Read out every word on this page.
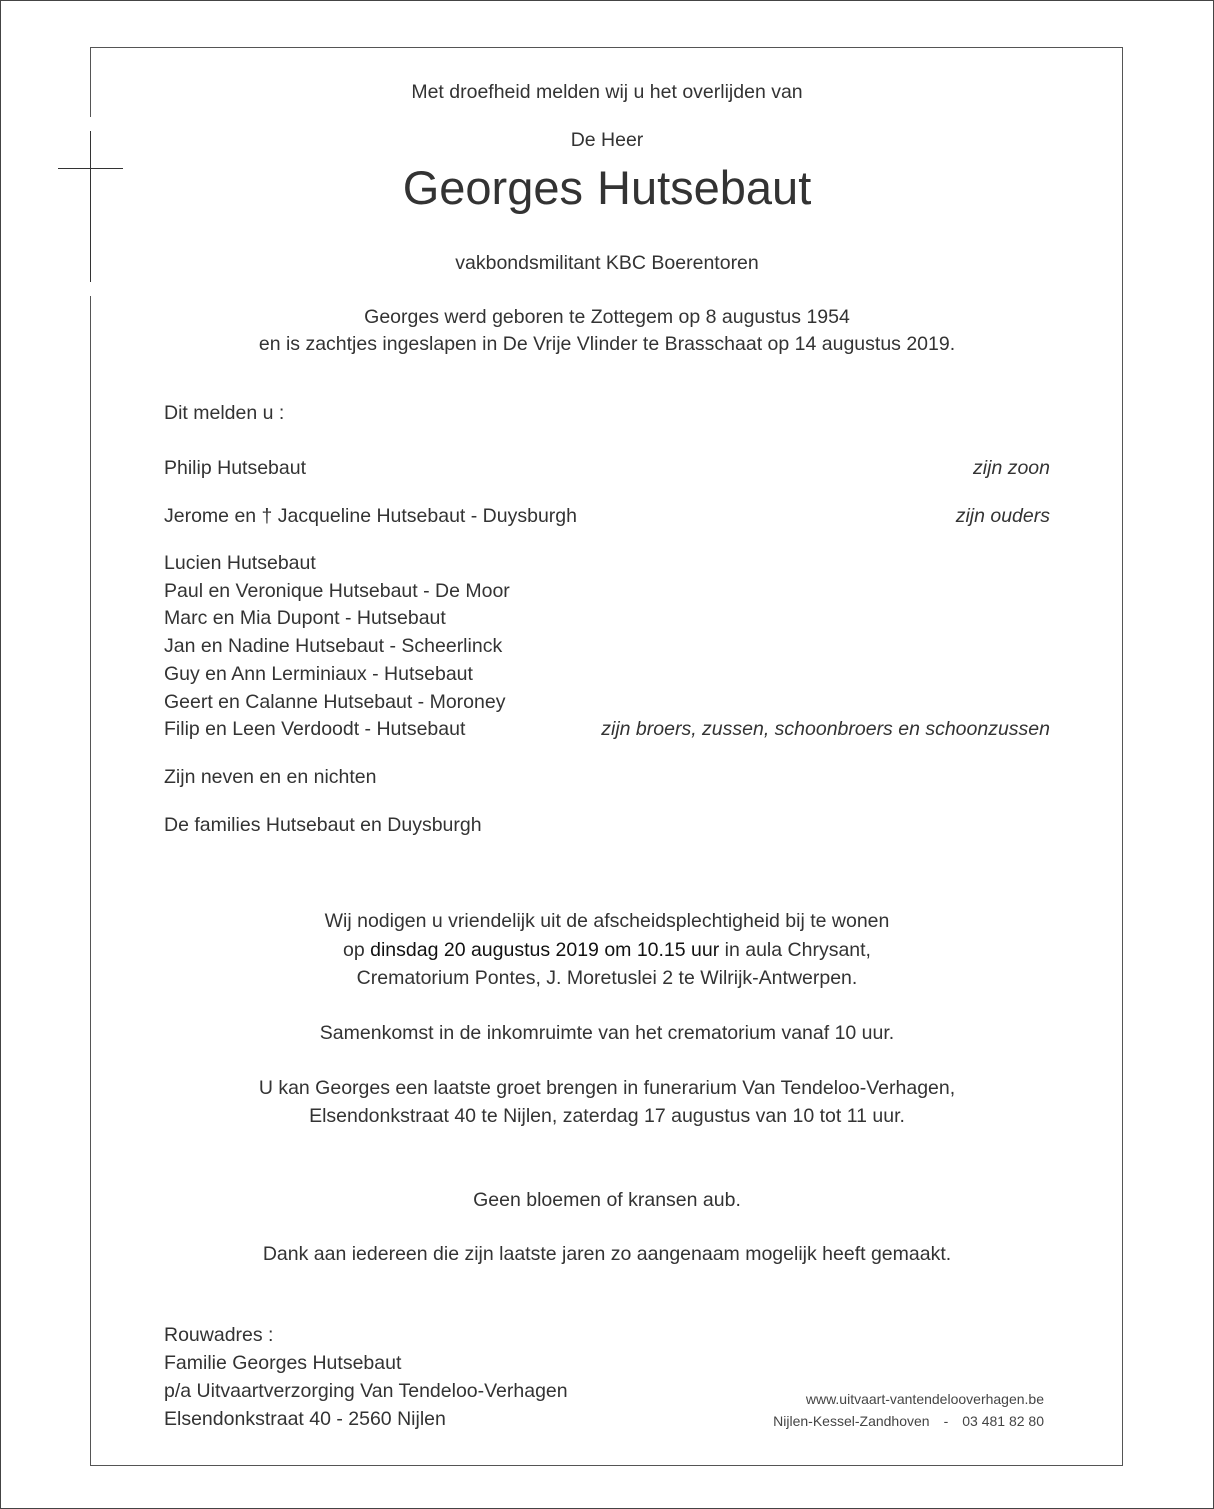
Met droefheid melden wij u het overlijden van
De Heer
Georges Hutsebaut
vakbondsmilitant KBC Boerentoren
Georges werd geboren te Zottegem op 8 augustus 1954
en is zachtjes ingeslapen in De Vrije Vlinder te Brasschaat op 14 augustus 2019.
Dit melden u :
Philip Hutsebaut	zijn zoon
Jerome en † Jacqueline Hutsebaut - Duysburgh	zijn ouders
Lucien Hutsebaut
Paul en Veronique Hutsebaut - De Moor
Marc en Mia Dupont - Hutsebaut
Jan en Nadine Hutsebaut - Scheerlinck
Guy en Ann Lerminiaux - Hutsebaut
Geert en Calanne Hutsebaut - Moroney
Filip en Leen Verdoodt - Hutsebaut	zijn broers, zussen, schoonbroers en schoonzussen
Zijn neven en en nichten
De families Hutsebaut en Duysburgh
Wij nodigen u vriendelijk uit de afscheidsplechtigheid bij te wonen
op dinsdag 20 augustus 2019 om 10.15 uur in aula Chrysant,
Crematorium Pontes, J. Moretuslei 2 te Wilrijk-Antwerpen.
Samenkomst in de inkomruimte van het crematorium vanaf 10 uur.
U kan Georges een laatste groet brengen in funerarium Van Tendeloo-Verhagen,
Elsendonkstraat 40 te Nijlen, zaterdag 17 augustus van 10 tot 11 uur.
Geen bloemen of kransen aub.
Dank aan iedereen die zijn laatste jaren zo aangenaam mogelijk heeft gemaakt.
Rouwadres :
Familie Georges Hutsebaut
p/a Uitvaartverzorging Van Tendeloo-Verhagen
Elsendonkstraat 40 - 2560 Nijlen
www.uitvaart-vantendelooverhagen.be
Nijlen-Kessel-Zandhoven - 03 481 82 80
